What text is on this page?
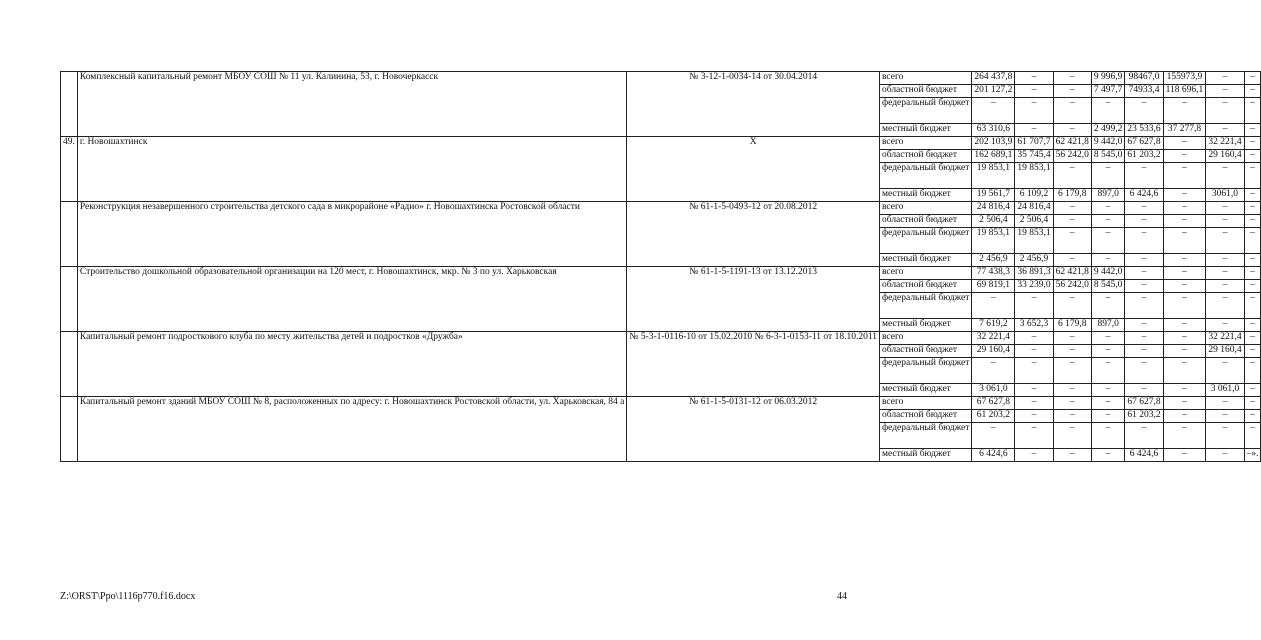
	Комплексный капитальный ремонт МБОУ СОШ № 11 ул. Калинина, 53, г. Новочеркасск	№ 3-12-1-0034-14 от 30.04.2014	всего	264 437,8	–	–	9 996,9	98467,0	155973,9	–	–
			областной бюджет	201 127,2	–	–	7 497,7	74933,4	118 696,1	–	–
			федеральный бюджет	–	–	–	–	–	–	–	–
			местный бюджет	63 310,6	–	–	2 499,2	23 533,6	37 277,8	–	–
49.	г. Новошахтинск	Х	всего	202 103,9	61 707,7	62 421,8	9 442,0	67 627,8	–	32 221,4	–
			областной бюджет	162 689,1	35 745,4	56 242,0	8 545,0	61 203,2	–	29 160,4	–
			федеральный бюджет	19 853,1	19 853,1	–	–	–	–	–	–
			местный бюджет	19 561,7	6 109,2	6 179,8	897,0	6 424,6	–	3061,0	–
	Реконструкция незавершенного строительства детского сада в микрорайоне «Радио» г. Новошахтинска Ростовской области	№ 61-1-5-0493-12 от 20.08.2012	всего	24 816,4	24 816,4	–	–	–	–	–	–
			областной бюджет	2 506,4	2 506,4	–	–	–	–	–	–
			федеральный бюджет	19 853,1	19 853,1	–	–	–	–	–	–
			местный бюджет	2 456,9	2 456,9	–	–	–	–	–	–
	Строительство дошкольной образовательной организации на 120 мест, г. Новошахтинск, мкр. № 3 по ул. Харьковская	№ 61-1-5-1191-13 от 13.12.2013	всего	77 438,3	36 891,3	62 421,8	9 442,0	–	–	–	–
			областной бюджет	69 819,1	33 239,0	56 242,0	8 545,0	–	–	–	–
			федеральный бюджет	–	–	–	–	–	–	–	–
			местный бюджет	7 619,2	3 652,3	6 179,8	897,0	–	–	–	–
	Капитальный ремонт подросткового клуба по месту жительства детей и подростков «Дружба»	№ 5-3-1-0116-10 от 15.02.2010 № 6-3-1-0153-11 от 18.10.2011	всего	32 221,4	–	–	–	–	–	32 221,4	–
			областной бюджет	29 160,4	–	–	–	–	–	29 160,4	–
			федеральный бюджет	–	–	–	–	–	–	–	–
			местный бюджет	3 061,0	–	–	–	–	–	3 061,0	–
	Капитальный ремонт зданий МБОУ СОШ № 8, расположенных по адресу: г. Новошахтинск Ростовской области, ул. Харьковская, 84 а	№ 61-1-5-0131-12 от 06.03.2012	всего	67 627,8	–	–	–	67 627,8	–	–	–
			областной бюджет	61 203,2	–	–	–	61 203,2	–	–	–
			федеральный бюджет	–	–	–	–	–	–	–	–
			местный бюджет	6 424,6	–	–	–	6 424,6	–	–	–».
Z:\ORST\Ppo\1116p770.f16.docx	44
